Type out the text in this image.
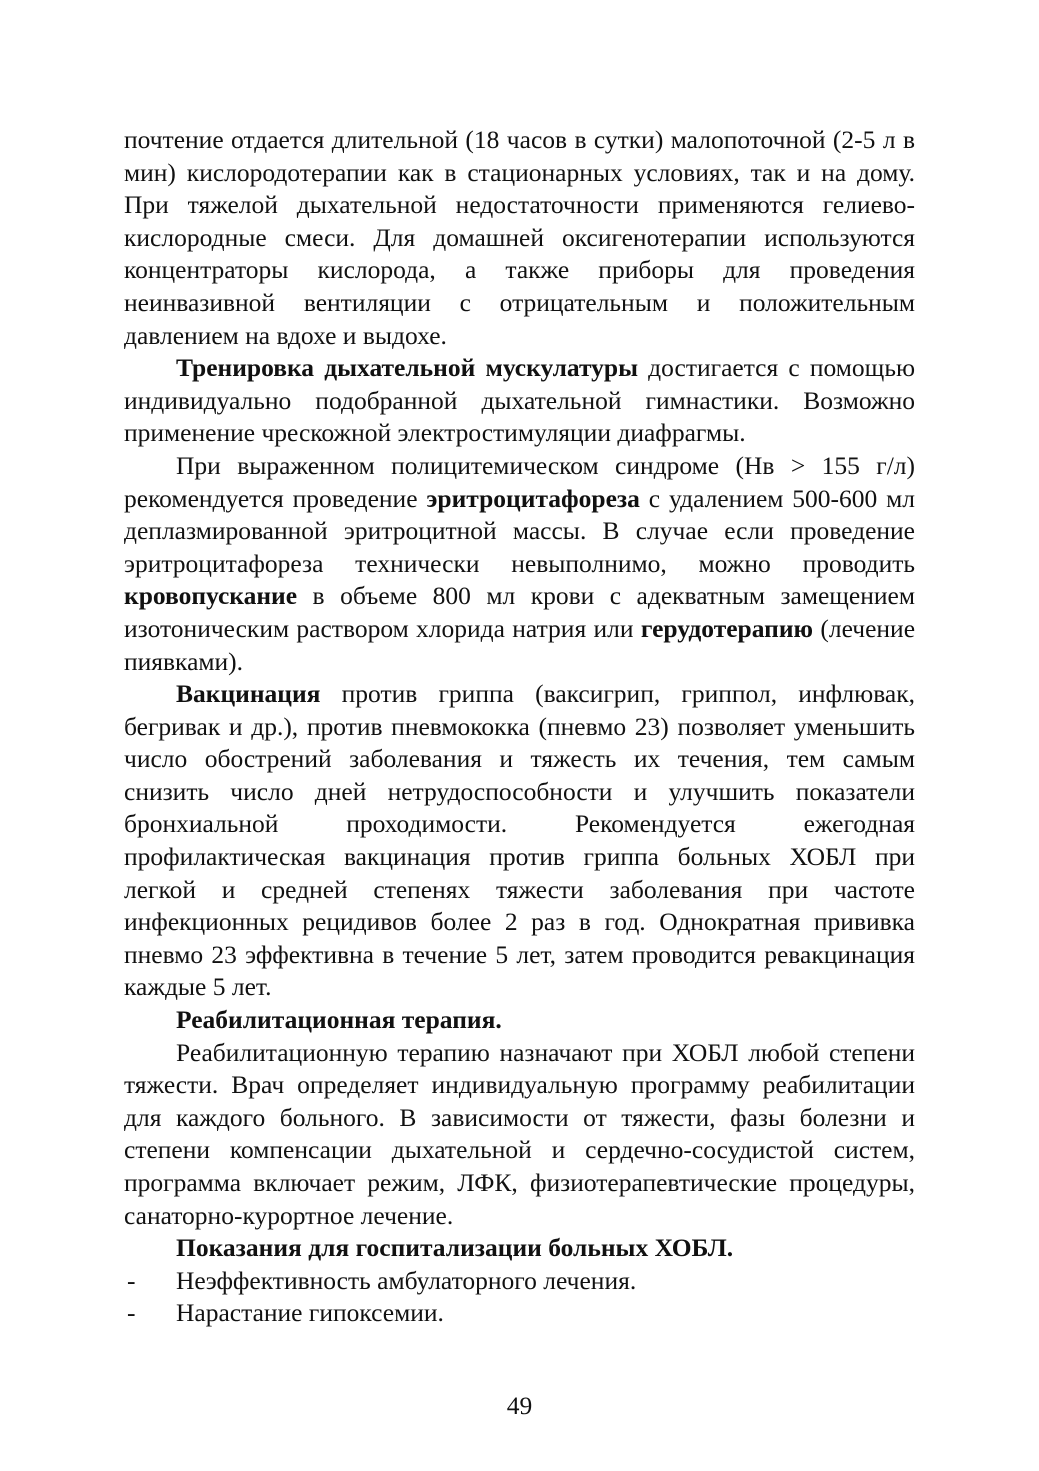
почтение отдается длительной (18 часов в сутки) малопоточной (2-5 л в мин) кислородотерапии как в стационарных условиях, так и на дому. При тяжелой дыхательной недостаточности применяются гелиево-кислородные смеси. Для домашней оксигенотерапии используются концентраторы кислорода, а также приборы для проведения неинвазивной вентиляции с отрицательным и положительным давлением на вдохе и выдохе.

Тренировка дыхательной мускулатуры достигается с помощью индивидуально подобранной дыхательной гимнастики. Возможно применение чрескожной электростимуляции диафрагмы.

При выраженном полицитемическом синдроме (Нв > 155 г/л) рекомендуется проведение эритроцитафореза с удалением 500-600 мл деплазмированной эритроцитной массы. В случае если проведение эритроцитафореза технически невыполнимо, можно проводить кровопускание в объеме 800 мл крови с адекватным замещением изотоническим раствором хлорида натрия или герудотерапию (лечение пиявками).

Вакцинация против гриппа (ваксигрип, гриппол, инфлювак, бегривак и др.), против пневмококка (пневмо 23) позволяет уменьшить число обострений заболевания и тяжесть их течения, тем самым снизить число дней нетрудоспособности и улучшить показатели бронхиальной проходимости. Рекомендуется ежегодная профилактическая вакцинация против гриппа больных ХОБЛ при легкой и средней степенях тяжести заболевания при частоте инфекционных рецидивов более 2 раз в год. Однократная прививка пневмо 23 эффективна в течение 5 лет, затем проводится ревакцинация каждые 5 лет.

Реабилитационная терапия.

Реабилитационную терапию назначают при ХОБЛ любой степени тяжести. Врач определяет индивидуальную программу реабилитации для каждого больного. В зависимости от тяжести, фазы болезни и степени компенсации дыхательной и сердечно-сосудистой систем, программа включает режим, ЛФК, физиотерапевтические процедуры, санаторно-курортное лечение.

Показания для госпитализации больных ХОБЛ.

- Неэффективность амбулаторного лечения.
- Нарастание гипоксемии.
49
